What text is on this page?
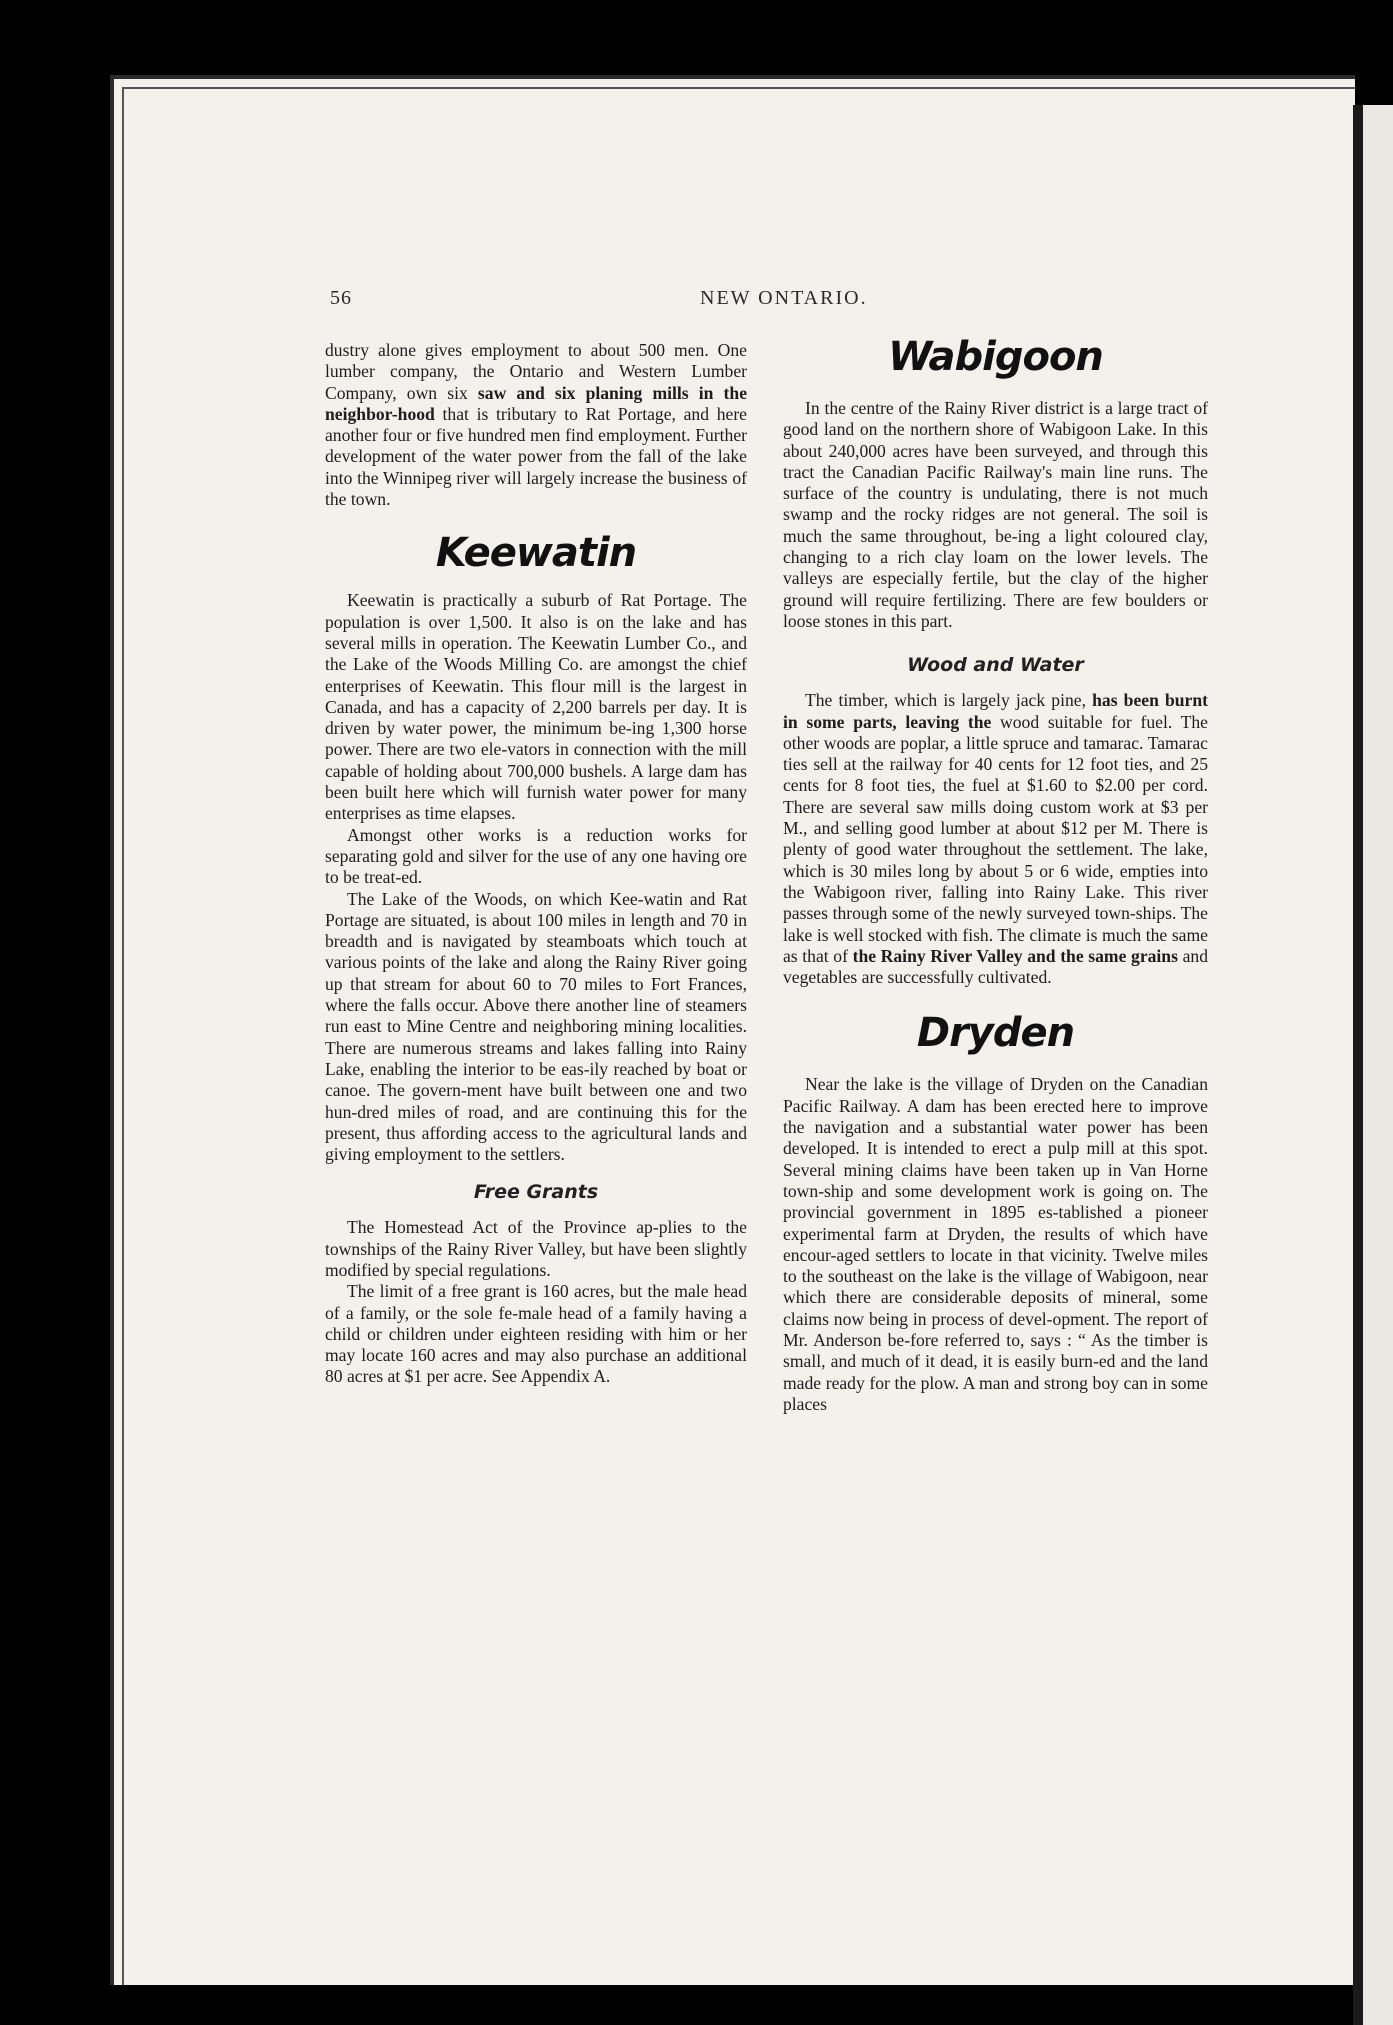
56	NEW ONTARIO.

dustry alone gives employment to about 500 men. One lumber company, the Ontario and Western Lumber Company, own six saw and six planing mills in the neighbor-hood that is tributary to Rat Portage, and here another four or five hundred men find employment. Further development of the water power from the fall of the lake into the Winnipeg river will largely increase the business of the town.

Keewatin

Keewatin is practically a suburb of Rat Portage. The population is over 1,500. It also is on the lake and has several mills in operation. The Keewatin Lumber Co., and the Lake of the Woods Milling Co. are amongst the chief enterprises of Keewatin. This flour mill is the largest in Canada, and has a capacity of 2,200 barrels per day. It is driven by water power, the minimum be-ing 1,300 horse power. There are two ele-vators in connection with the mill capable of holding about 700,000 bushels. A large dam has been built here which will furnish water power for many enterprises as time elapses.

Amongst other works is a reduction works for separating gold and silver for the use of any one having ore to be treat-ed.

The Lake of the Woods, on which Kee-watin and Rat Portage are situated, is about 100 miles in length and 70 in breadth and is navigated by steamboats which touch at various points of the lake and along the Rainy River going up that stream for about 60 to 70 miles to Fort Frances, where the falls occur. Above there another line of steamers run east to Mine Centre and neighboring mining localities. There are numerous streams and lakes falling into Rainy Lake, enabling the interior to be eas-ily reached by boat or canoe. The govern-ment have built between one and two hun-dred miles of road, and are continuing this for the present, thus affording access to the agricultural lands and giving employment to the settlers.

Free Grants

The Homestead Act of the Province ap-plies to the townships of the Rainy River Valley, but have been slightly modified by special regulations.

The limit of a free grant is 160 acres, but the male head of a family, or the sole fe-male head of a family having a child or children under eighteen residing with him or her may locate 160 acres and may also purchase an additional 80 acres at $1 per acre. See Appendix A.

Wabigoon

In the centre of the Rainy River district is a large tract of good land on the northern shore of Wabigoon Lake. In this about 240,000 acres have been surveyed, and through this tract the Canadian Pacific Railway's main line runs. The surface of the country is undulating, there is not much swamp and the rocky ridges are not general. The soil is much the same throughout, be-ing a light coloured clay, changing to a rich clay loam on the lower levels. The valleys are especially fertile, but the clay of the higher ground will require fertilizing. There are few boulders or loose stones in this part.

Wood and Water

The timber, which is largely jack pine, has been burnt in some parts, leaving the wood suitable for fuel. The other woods are poplar, a little spruce and tamarac. Tamarac ties sell at the railway for 40 cents for 12 foot ties, and 25 cents for 8 foot ties, the fuel at $1.60 to $2.00 per cord. There are several saw mills doing custom work at $3 per M., and selling good lumber at about $12 per M. There is plenty of good water throughout the settlement. The lake, which is 30 miles long by about 5 or 6 wide, empties into the Wabigoon river, falling into Rainy Lake. This river passes through some of the newly surveyed town-ships. The lake is well stocked with fish. The climate is much the same as that of the Rainy River Valley and the same grains and vegetables are successfully cultivated.

Dryden

Near the lake is the village of Dryden on the Canadian Pacific Railway. A dam has been erected here to improve the navigation and a substantial water power has been developed. It is intended to erect a pulp mill at this spot. Several mining claims have been taken up in Van Horne town-ship and some development work is going on. The provincial government in 1895 es-tablished a pioneer experimental farm at Dryden, the results of which have encour-aged settlers to locate in that vicinity. Twelve miles to the southeast on the lake is the village of Wabigoon, near which there are considerable deposits of mineral, some claims now being in process of devel-opment. The report of Mr. Anderson be-fore referred to, says : “ As the timber is small, and much of it dead, it is easily burn-ed and the land made ready for the plow. A man and strong boy can in some places
